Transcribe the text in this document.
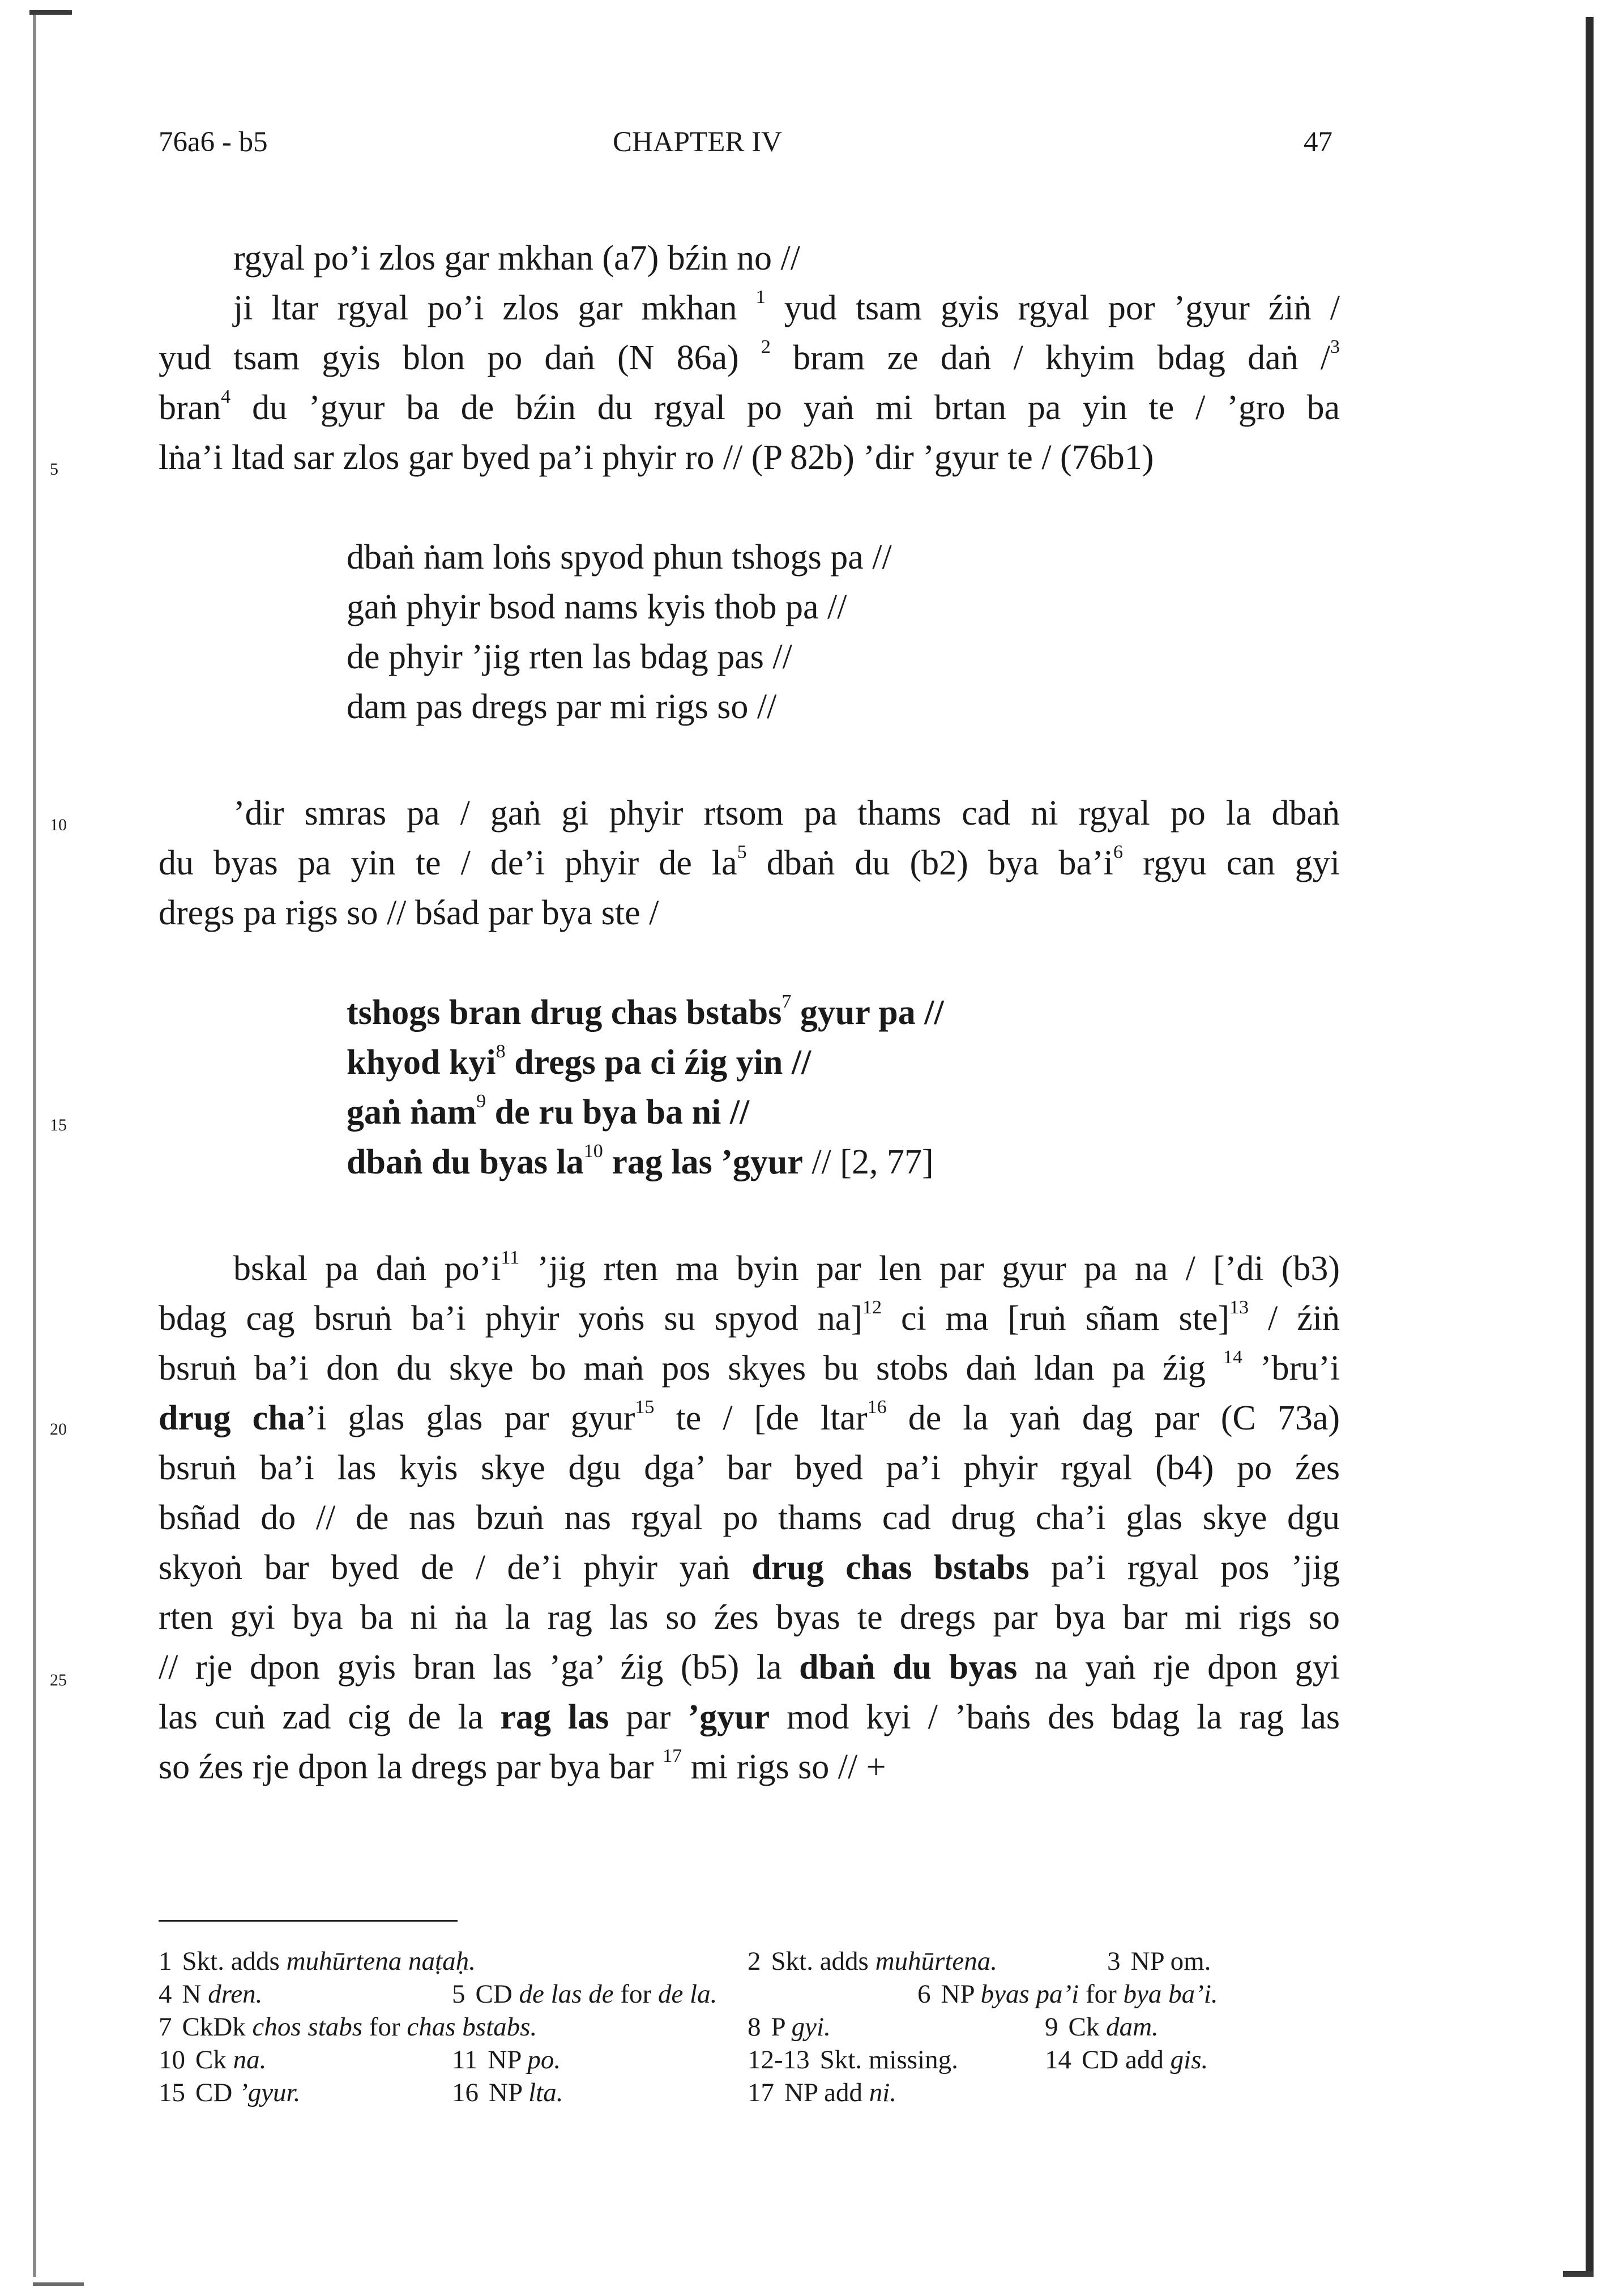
76a6 - b5	CHAPTER IV	47
5
10
15
20
25
rgyal po’i zlos gar mkhan (a7) bźin no //
ji ltar rgyal po’i zlos gar mkhan $^1$ yud tsam gyis rgyal por ’gyur źiṅ /
yud tsam gyis blon po daṅ (N 86a) $^2$ bram ze daṅ / khyim bdag daṅ /$^3$
bran$^4$ du ’gyur ba de bźin du rgyal po yaṅ mi brtan pa yin te / ’gro ba
lṅa’i ltad sar zlos gar byed pa’i phyir ro // (P 82b) ’dir ’gyur te / (76b1)
dbaṅ ṅam loṅs spyod phun tshogs pa //
gaṅ phyir bsod nams kyis thob pa //
de phyir ’jig rten las bdag pas //
dam pas dregs par mi rigs so //
’dir smras pa / gaṅ gi phyir rtsom pa thams cad ni rgyal po la dbaṅ
du byas pa yin te / de’i phyir de $la^5$ dbaṅ du (b2) bya $ba’i^6$ rgyu can gyi
dregs pa rigs so // bśad par bya ste /
tshogs bran drug chas bstabs$^7$ gyur pa //
khyod kyi$^8$ dregs pa ci źig yin //
gaṅ ṅam$^9$ de ru bya ba ni //
dbaṅ du byas $la^{10}$ rag las ’gyur // [2, 77]
bskal pa daṅ $po’i^{11}$ ’jig rten ma byin par len par gyur pa na / [’di (b3)
bdag cag bsruṅ ba’i phyir yoṅs su spyod na]$^{12}$ ci ma [ruṅ sñam ste]$^{13}$ / źiṅ
bsruṅ ba’i don du skye bo maṅ pos skyes bu stobs daṅ ldan pa źig $^{14}$ ’bru’i
drug cha’i glas glas par gyur$^{15}$ te / [de ltar$^{16}$ de la yaṅ dag par (C 73a)
bsruṅ ba’i las kyis skye dgu dga’ bar byed pa’i phyir rgyal (b4) po źes
bsñad do // de nas bzuṅ nas rgyal po thams cad drug cha’i glas skye dgu
skyoṅ bar byed de / de’i phyir yaṅ drug chas bstabs pa’i rgyal pos ’jig
rten gyi bya ba ni ṅa la rag las so źes byas te dregs par bya bar mi rigs so
// rje dpon gyis bran las ’ga’ źig (b5) la dbaṅ du byas na yaṅ rje dpon gyi
las cuṅ zad cig de la rag las par ’gyur mod kyi / ’baṅs des bdag la rag las
so źes rje dpon la dregs par bya bar $^{17}$ mi rigs so // +
1 Skt. adds muhūrtena naṭaḥ.	2 Skt. adds muhūrtena.	3 NP om.
4 N dren.	5 CD de las de for de la.	6 NP byas pa’i for bya ba’i.
7 CkDk chos stabs for chas bstabs.	8 P gyi.	9 Ck dam.
10 Ck na.	11 NP po.	12-13 Skt. missing.	14 CD add gis.
15 CD ’gyur.	16 NP lta.	17 NP add ni.
